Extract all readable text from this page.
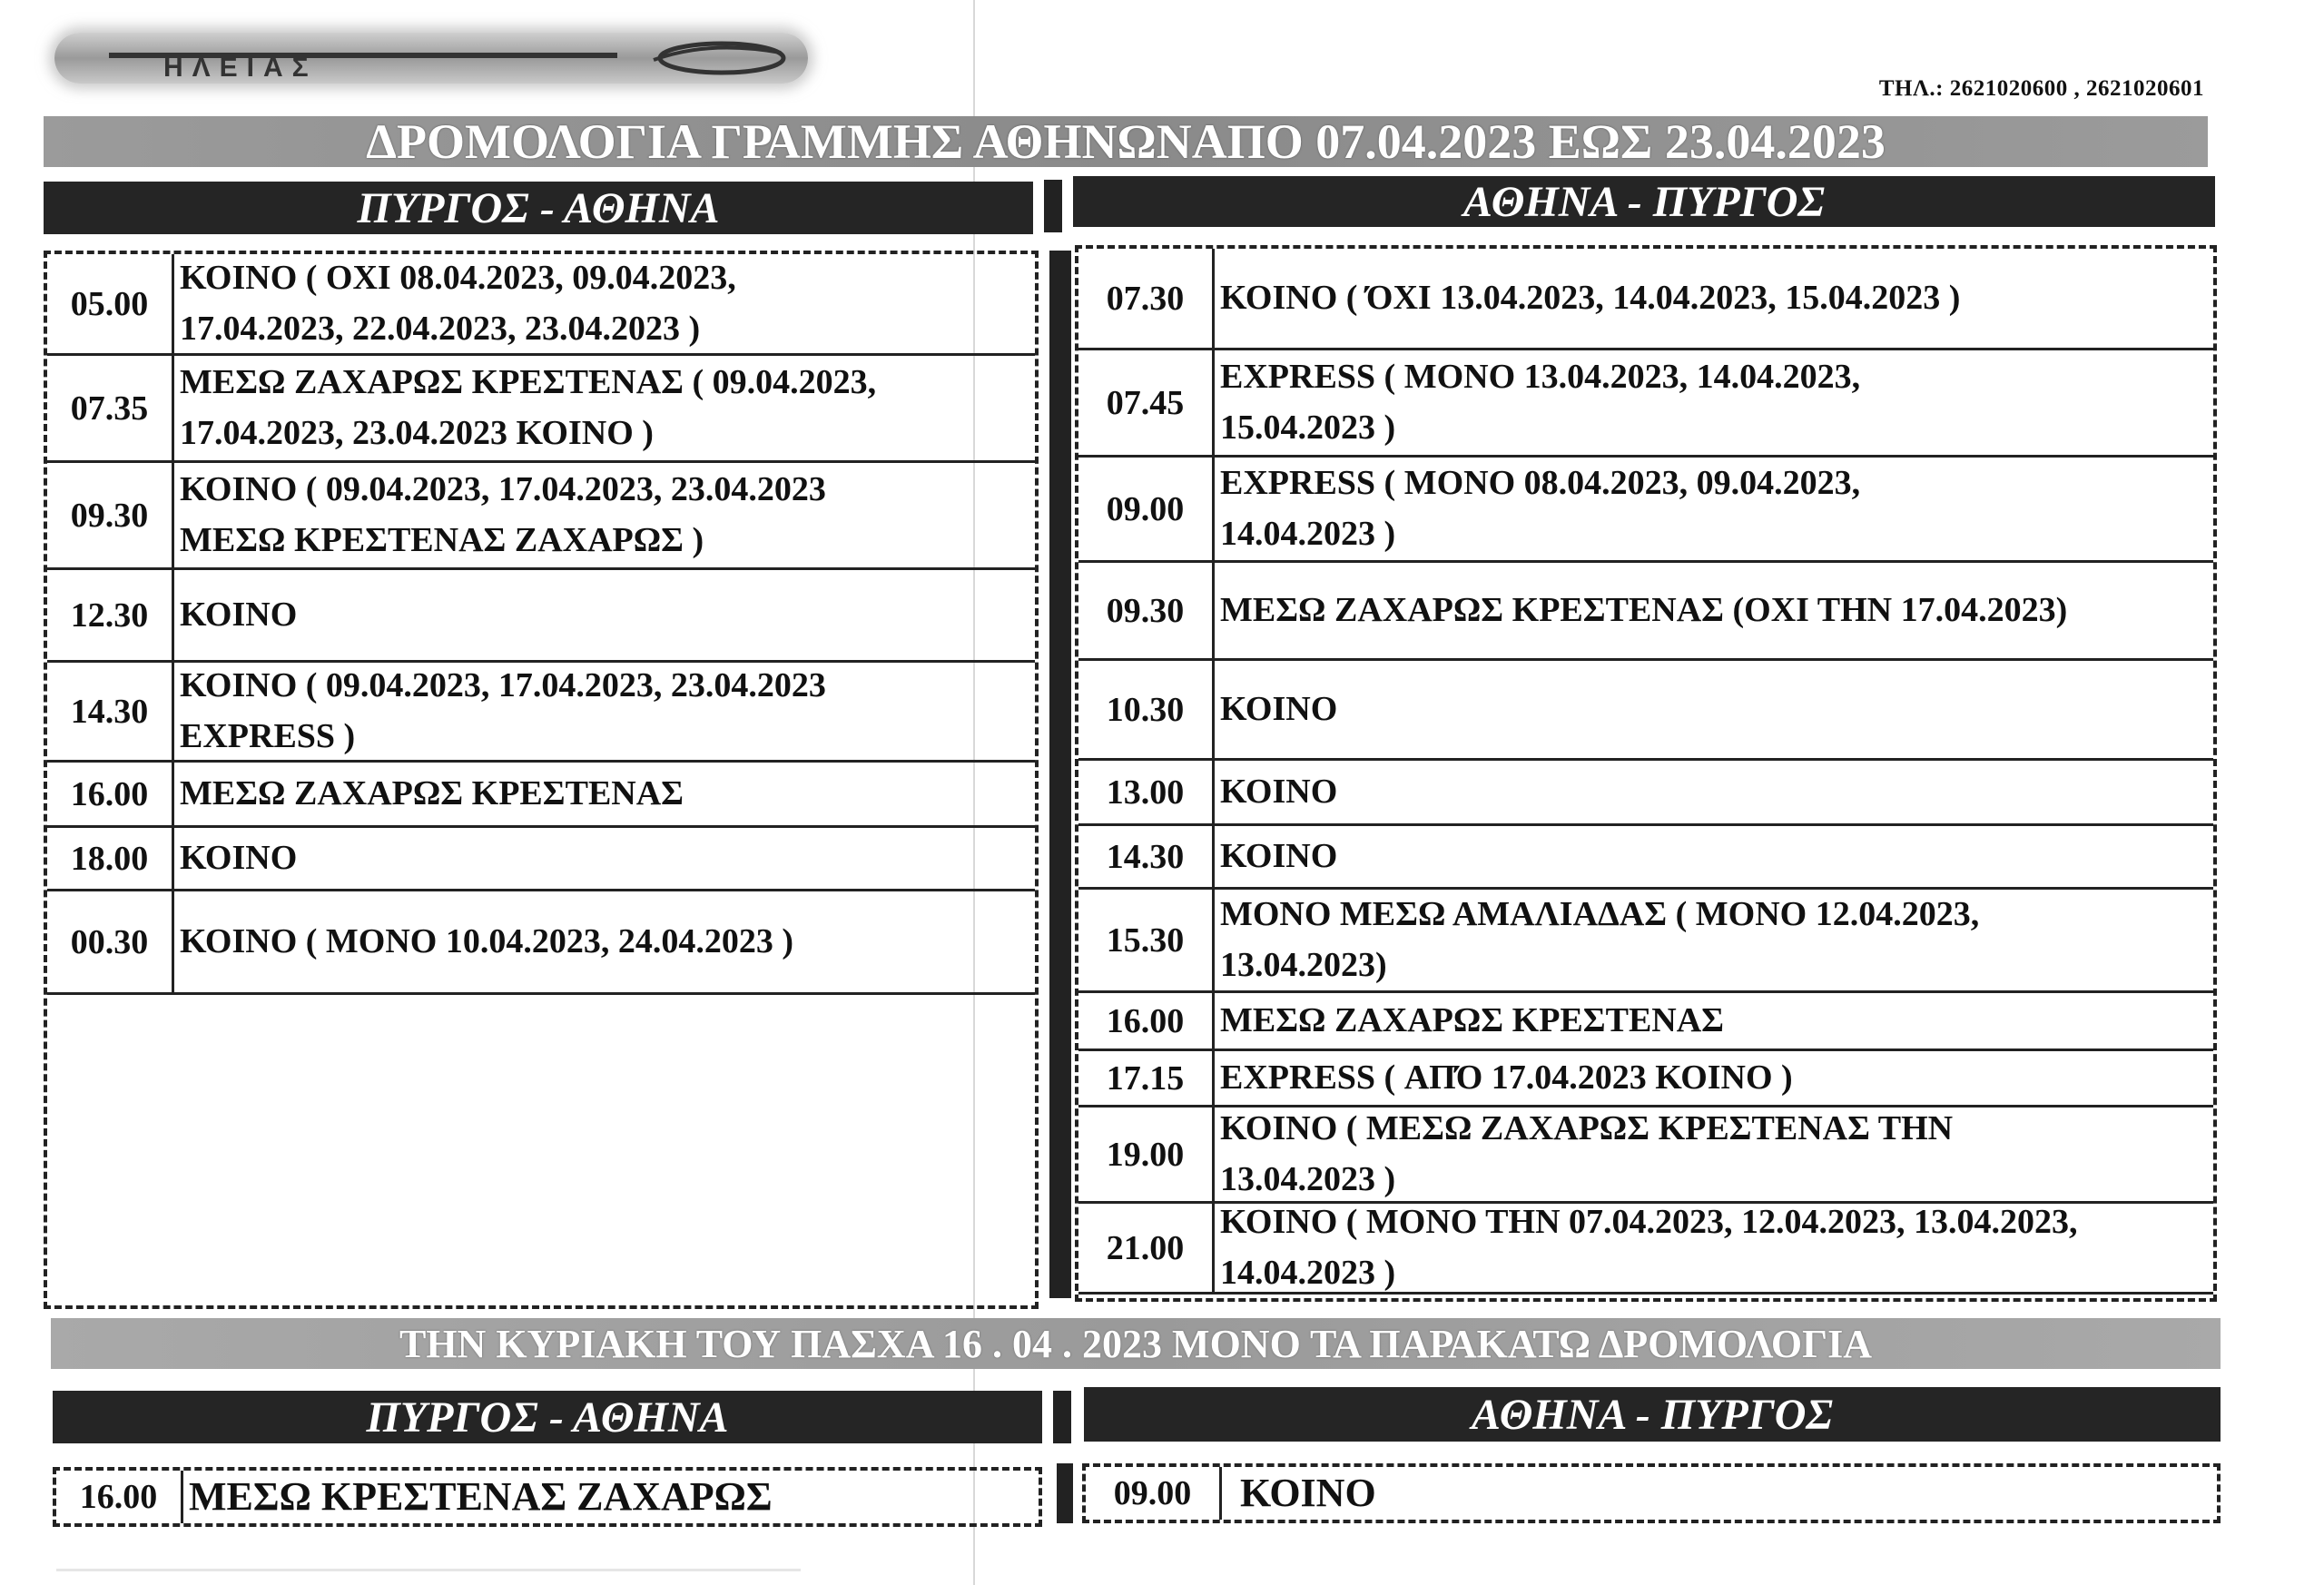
ΗΛΕΙΑΣ
ΤΗΛ.: 2621020600 , 2621020601
ΔΡΟΜΟΛΟΓΙΑ ΓΡΑΜΜΗΣ ΑΘΗΝΩΝΑΠΟ 07.04.2023 ΕΩΣ 23.04.2023
ΠΥΡΓΟΣ - ΑΘΗΝΑ	ΑΘΗΝΑ - ΠΥΡΓΟΣ
05.00
ΚΟΙΝΟ ( ΟΧΙ 08.04.2023, 09.04.2023,
17.04.2023, 22.04.2023, 23.04.2023 )
07.35
ΜΕΣΩ ΖΑΧΑΡΩΣ ΚΡΕΣΤΕΝΑΣ ( 09.04.2023,
17.04.2023, 23.04.2023 ΚΟΙΝΟ )
09.30
ΚΟΙΝΟ ( 09.04.2023, 17.04.2023, 23.04.2023
ΜΕΣΩ ΚΡΕΣΤΕΝΑΣ ΖΑΧΑΡΩΣ )
12.30 ΚΟΙΝΟ
14.30
ΚΟΙΝΟ ( 09.04.2023, 17.04.2023, 23.04.2023
EXPRESS )
16.00 ΜΕΣΩ ΖΑΧΑΡΩΣ ΚΡΕΣΤΕΝΑΣ
18.00 ΚΟΙΝΟ
00.30 ΚΟΙΝΟ ( ΜΟΝΟ 10.04.2023, 24.04.2023 )
07.30	ΚΟΙΝΟ ( ΌΧΙ 13.04.2023, 14.04.2023, 15.04.2023 )
07.45
EXPRESS ( ΜΟΝΟ 13.04.2023, 14.04.2023,
15.04.2023 )
09.00
EXPRESS ( ΜΟΝΟ 08.04.2023, 09.04.2023,
14.04.2023 )
09.30	ΜΕΣΩ ΖΑΧΑΡΩΣ ΚΡΕΣΤΕΝΑΣ (ΟΧΙ ΤΗΝ 17.04.2023)
10.30	ΚΟΙΝΟ
13.00	ΚΟΙΝΟ
14.30	ΚΟΙΝΟ
15.30
ΜΟΝΟ ΜΕΣΩ ΑΜΑΛΙΑΔΑΣ ( ΜΟΝΟ 12.04.2023,
13.04.2023)
16.00	ΜΕΣΩ ΖΑΧΑΡΩΣ ΚΡΕΣΤΕΝΑΣ
17.15	EXPRESS ( ΑΠΌ 17.04.2023 ΚΟΙΝΟ )
19.00
ΚΟΙΝΟ ( ΜΕΣΩ ΖΑΧΑΡΩΣ ΚΡΕΣΤΕΝΑΣ ΤΗΝ
13.04.2023 )
21.00
ΚΟΙΝΟ ( ΜΟΝΟ ΤΗΝ 07.04.2023, 12.04.2023, 13.04.2023,
14.04.2023 )
ΤΗΝ ΚΥΡΙΑΚΗ ΤΟΥ ΠΑΣΧΑ 16 . 04 . 2023 ΜΟΝΟ ΤΑ ΠΑΡΑΚΑΤΩ ΔΡΟΜΟΛΟΓΙΑ
ΠΥΡΓΟΣ - ΑΘΗΝΑ	ΑΘΗΝΑ - ΠΥΡΓΟΣ
16.00 ΜΕΣΩ ΚΡΕΣΤΕΝΑΣ ΖΑΧΑΡΩΣ	09.00	ΚΟΙΝΟ
